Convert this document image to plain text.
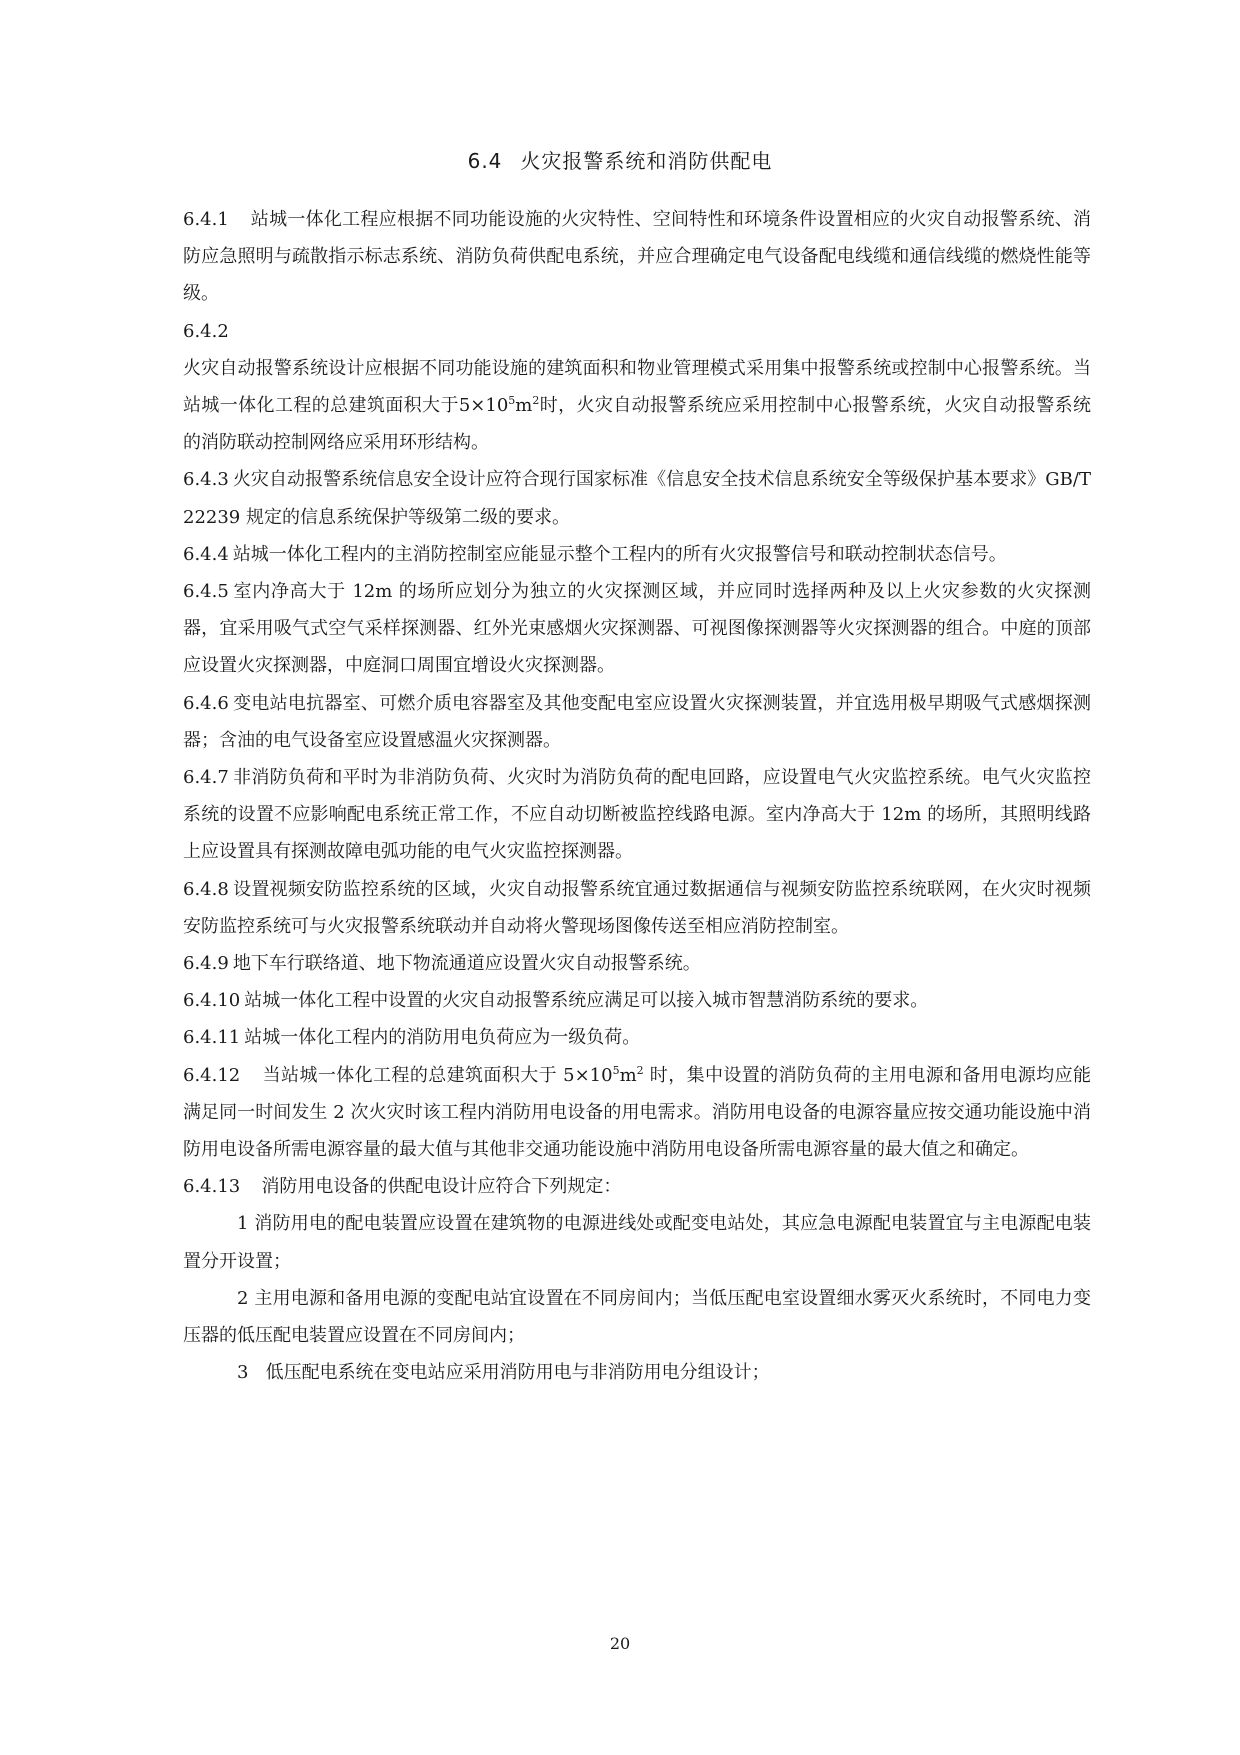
6.4 火灾报警系统和消防供配电

6.4.1 站城一体化工程应根据不同功能设施的火灾特性、空间特性和环境条件设置相应的火灾自动报警系统、消防应急照明与疏散指示标志系统、消防负荷供配电系统，并应合理确定电气设备配电线缆和通信线缆的燃烧性能等级。

6.4.2

火灾自动报警系统设计应根据不同功能设施的建筑面积和物业管理模式采用集中报警系统或控制中心报警系统。当站城一体化工程的总建筑面积大于$5\times 10^5m^2$时，火灾自动报警系统应采用控制中心报警系统，火灾自动报警系统的消防联动控制网络应采用环形结构。

6.4.3 火灾自动报警系统信息安全设计应符合现行国家标准《信息安全技术信息系统安全等级保护基本要求》GB/T 22239 规定的信息系统保护等级第二级的要求。

6.4.4 站城一体化工程内的主消防控制室应能显示整个工程内的所有火灾报警信号和联动控制状态信号。

6.4.5 室内净高大于 12m 的场所应划分为独立的火灾探测区域，并应同时选择两种及以上火灾参数的火灾探测器，宜采用吸气式空气采样探测器、红外光束感烟火灾探测器、可视图像探测器等火灾探测器的组合。中庭的顶部应设置火灾探测器，中庭洞口周围宜增设火灾探测器。

6.4.6 变电站电抗器室、可燃介质电容器室及其他变配电室应设置火灾探测装置，并宜选用极早期吸气式感烟探测器；含油的电气设备室应设置感温火灾探测器。

6.4.7 非消防负荷和平时为非消防负荷、火灾时为消防负荷的配电回路，应设置电气火灾监控系统。电气火灾监控系统的设置不应影响配电系统正常工作，不应自动切断被监控线路电源。室内净高大于 12m 的场所，其照明线路上应设置具有探测故障电弧功能的电气火灾监控探测器。

6.4.8 设置视频安防监控系统的区域，火灾自动报警系统宜通过数据通信与视频安防监控系统联网，在火灾时视频安防监控系统可与火灾报警系统联动并自动将火警现场图像传送至相应消防控制室。

6.4.9 地下车行联络道、地下物流通道应设置火灾自动报警系统。

6.4.10 站城一体化工程中设置的火灾自动报警系统应满足可以接入城市智慧消防系统的要求。

6.4.11 站城一体化工程内的消防用电负荷应为一级负荷。

6.4.12 当站城一体化工程的总建筑面积大于 $5\times 10^5m^2$ 时，集中设置的消防负荷的主用电源和备用电源均应能满足同一时间发生 2 次火灾时该工程内消防用电设备的用电需求。消防用电设备的电源容量应按交通功能设施中消防用电设备所需电源容量的最大值与其他非交通功能设施中消防用电设备所需电源容量的最大值之和确定。

6.4.13 消防用电设备的供配电设计应符合下列规定：

1 消防用电的配电装置应设置在建筑物的电源进线处或配变电站处，其应急电源配电装置宜与主电源配电装置分开设置；

2 主用电源和备用电源的变配电站宜设置在不同房间内；当低压配电室设置细水雾灭火系统时，不同电力变压器的低压配电装置应设置在不同房间内；

3 低压配电系统在变电站应采用消防用电与非消防用电分组设计；

20
